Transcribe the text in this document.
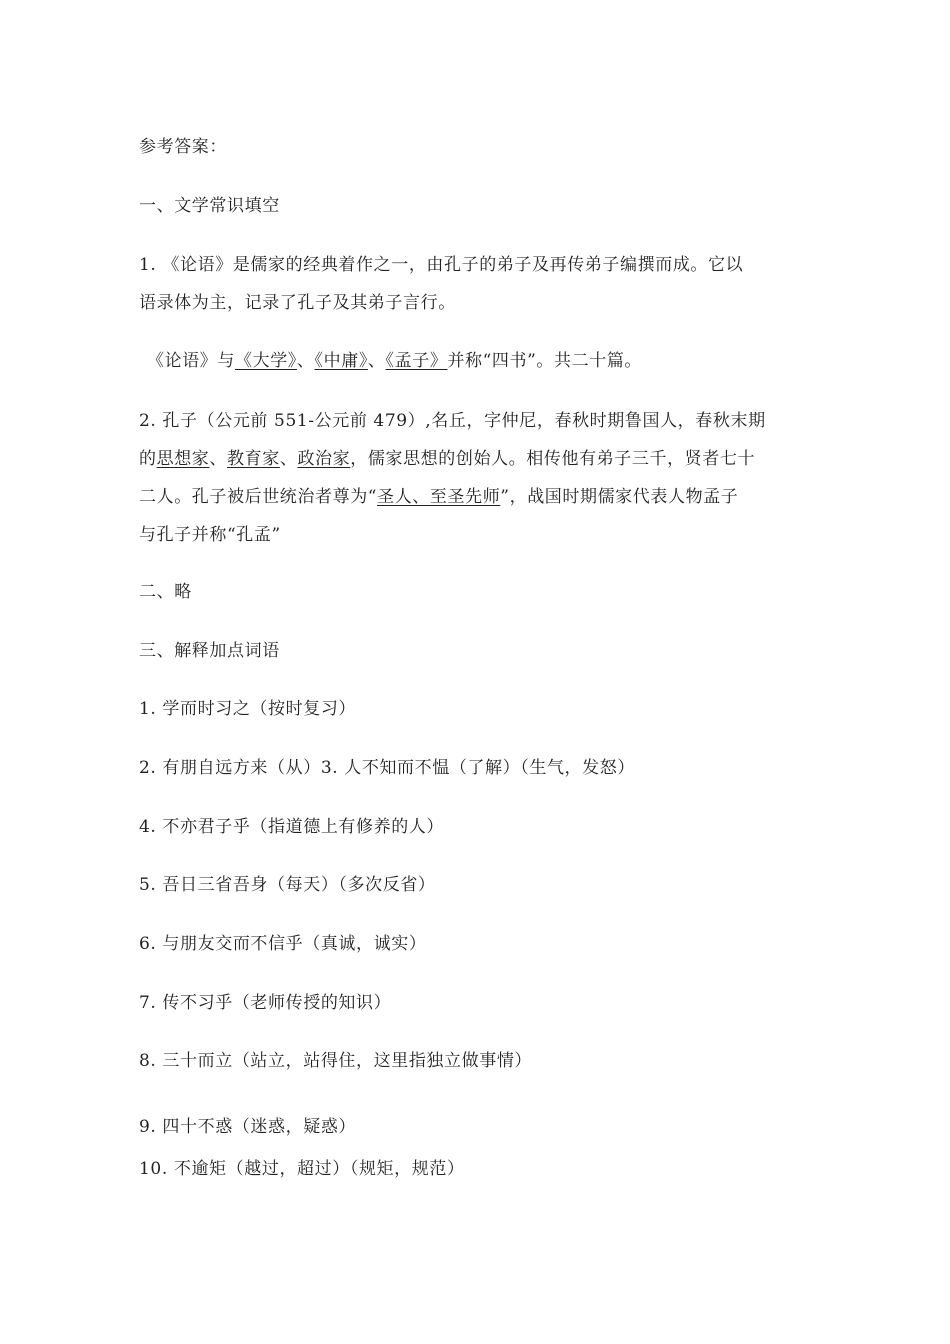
参考答案：
一、文学常识填空
1. 《论语》是儒家的经典着作之一，由孔子的弟子及再传弟子编撰而成。它以
语录体为主，记录了孔子及其弟子言行。
《论语》与《大学》、《中庸》、《孟子》并称“四书”。共二十篇。
2. 孔子（公元前 551-公元前 479）,名丘，字仲尼，春秋时期鲁国人，春秋末期
的思想家、教育家、政治家，儒家思想的创始人。相传他有弟子三千，贤者七十
二人。孔子被后世统治者尊为“圣人、至圣先师”，战国时期儒家代表人物孟子
与孔子并称“孔孟”
二、略
三、解释加点词语
1. 学而时习之（按时复习）
2. 有朋自远方来（从）3. 人不知而不愠（了解）（生气，发怒）
4. 不亦君子乎（指道德上有修养的人）
5. 吾日三省吾身（每天）（多次反省）
6. 与朋友交而不信乎（真诚，诚实）
7. 传不习乎（老师传授的知识）
8. 三十而立（站立，站得住，这里指独立做事情）
9. 四十不惑（迷惑，疑惑）
10. 不逾矩（越过，超过）（规矩，规范）
